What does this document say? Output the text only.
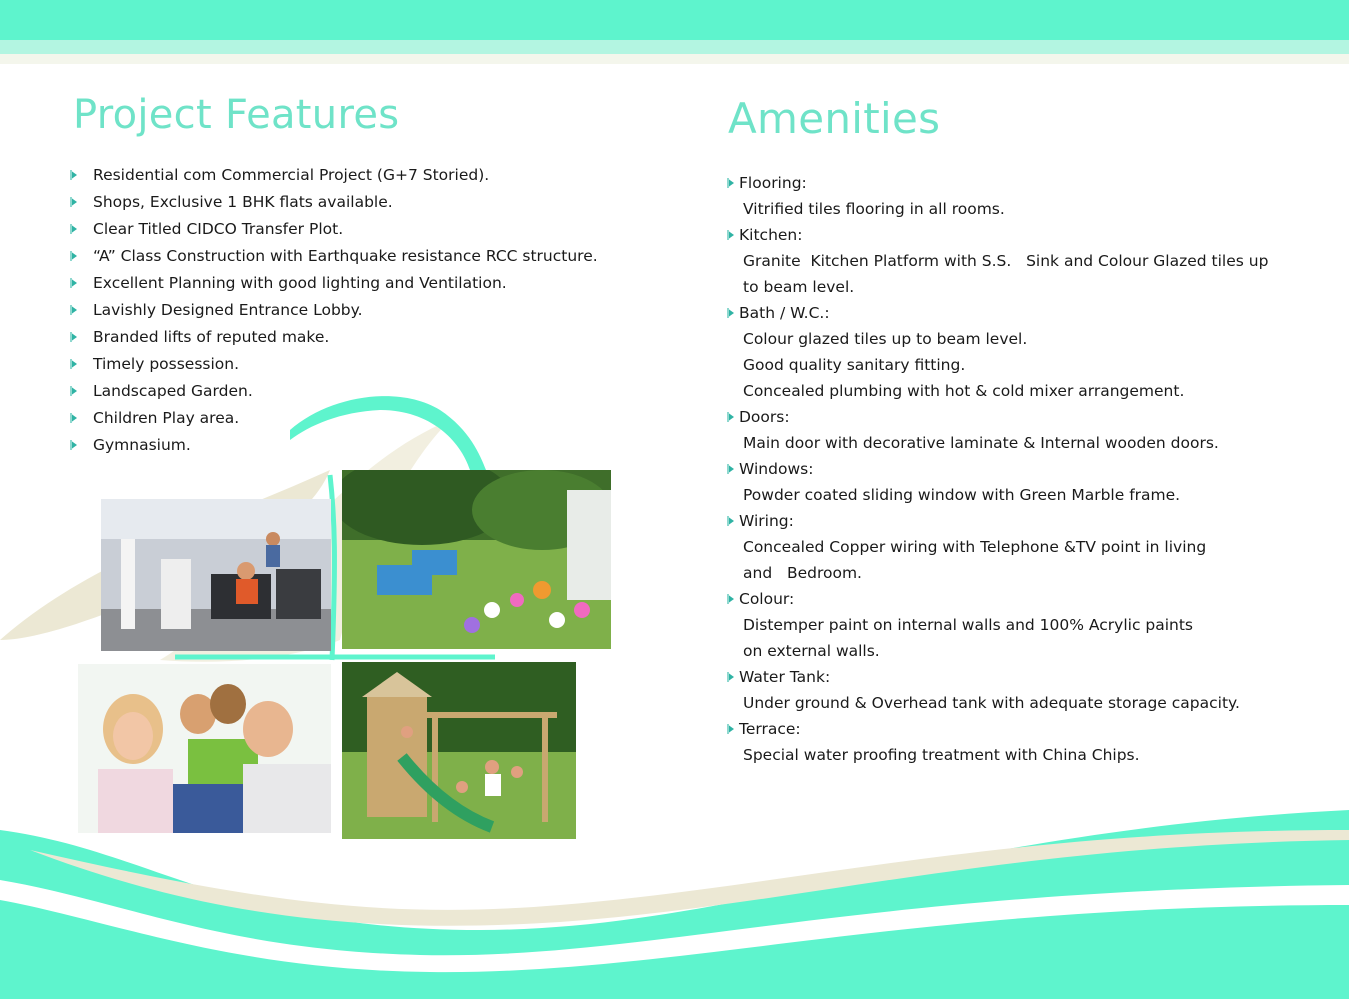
Project Features	Amenities
Residential com Commercial Project (G+7 Storied).
Shops, Exclusive 1 BHK flats available.
Clear Titled CIDCO Transfer Plot.
“A” Class Construction with Earthquake resistance RCC structure.
Excellent Planning with good lighting and Ventilation.
Lavishly Designed Entrance Lobby.
Branded lifts of reputed make.
Timely possession.
Landscaped Garden.
Children Play area.
Gymnasium.
Flooring:
Vitrified tiles flooring in all rooms.
Kitchen:
Granite  Kitchen Platform with S.S.   Sink and Colour Glazed tiles up
to beam level.
Bath / W.C.:
Colour glazed tiles up to beam level.
Good quality sanitary fitting.
Concealed plumbing with hot & cold mixer arrangement.
Doors:
Main door with decorative laminate & Internal wooden doors.
Windows:
Powder coated sliding window with Green Marble frame.
Wiring:
Concealed Copper wiring with Telephone &TV point in living
and   Bedroom.
Colour:
Distemper paint on internal walls and 100% Acrylic paints
on external walls.
Water Tank:
Under ground & Overhead tank with adequate storage capacity.
Terrace:
Special water proofing treatment with China Chips.
